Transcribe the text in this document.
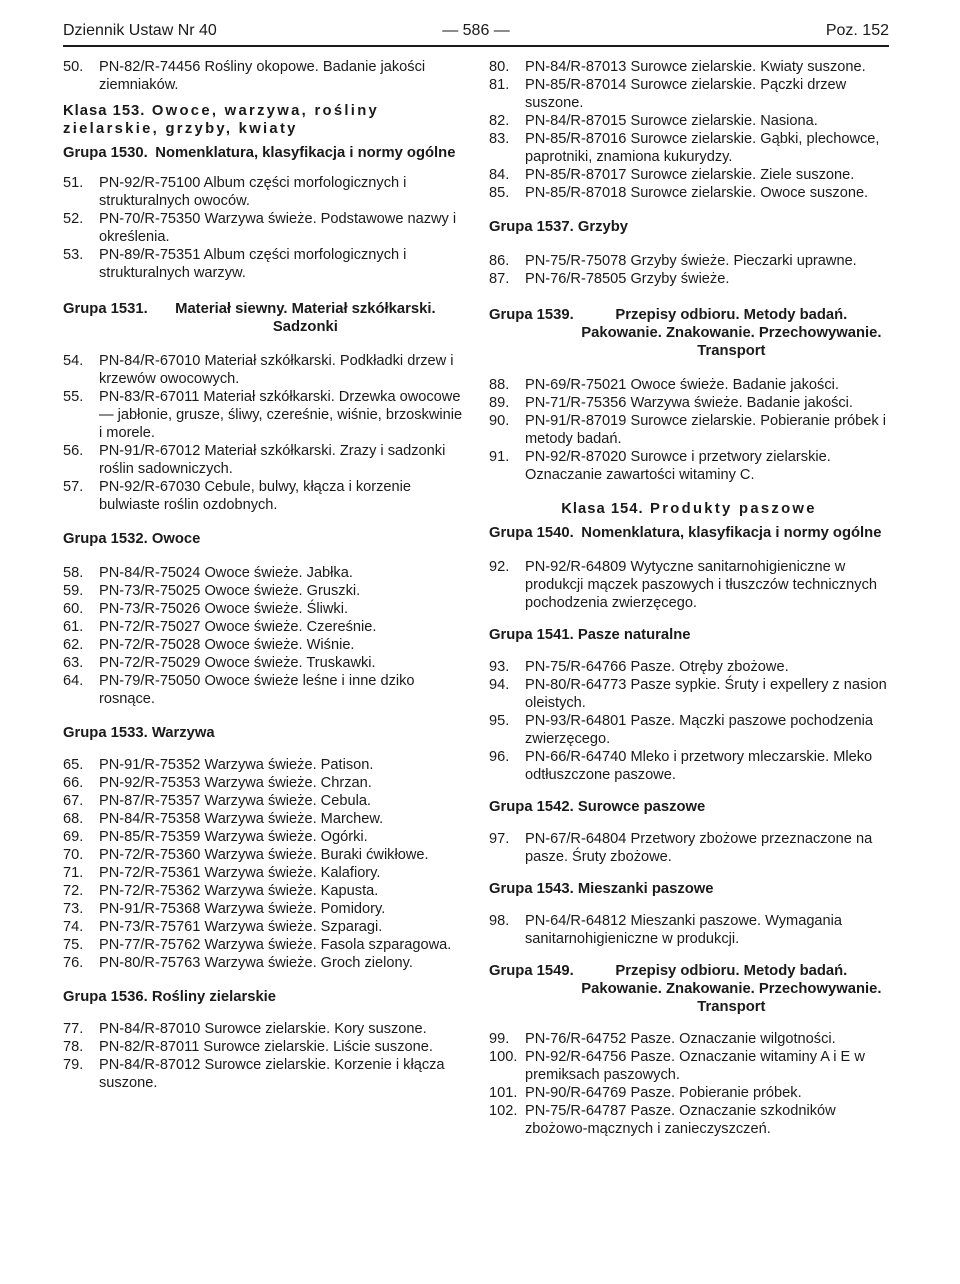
Dziennik Ustaw Nr 40	— 586 —	Poz. 152
50.	PN-82/R-74456 Rośliny okopowe. Badanie jakości ziemniaków.
Klasa 153. Owoce, warzywa, rośliny zielarskie, grzyby, kwiaty
Grupa 1530. Nomenklatura, klasyfikacja i normy ogólne
51.	PN-92/R-75100 Album części morfologicznych i strukturalnych owoców.
52.	PN-70/R-75350 Warzywa świeże. Podstawowe nazwy i określenia.
53.	PN-89/R-75351 Album części morfologicznych i strukturalnych warzyw.
Grupa 1531.	Materiał siewny. Materiał szkółkarski. Sadzonki
54.	PN-84/R-67010 Materiał szkółkarski. Podkładki drzew i krzewów owocowych.
55.	PN-83/R-67011 Materiał szkółkarski. Drzewka owocowe — jabłonie, grusze, śliwy, czereśnie, wiśnie, brzoskwinie i morele.
56.	PN-91/R-67012 Materiał szkółkarski. Zrazy i sadzonki roślin sadowniczych.
57.	PN-92/R-67030 Cebule, bulwy, kłącza i korzenie bulwiaste roślin ozdobnych.
Grupa 1532. Owoce
58.	PN-84/R-75024 Owoce świeże. Jabłka.
59.	PN-73/R-75025 Owoce świeże. Gruszki.
60.	PN-73/R-75026 Owoce świeże. Śliwki.
61.	PN-72/R-75027 Owoce świeże. Czereśnie.
62.	PN-72/R-75028 Owoce świeże. Wiśnie.
63.	PN-72/R-75029 Owoce świeże. Truskawki.
64.	PN-79/R-75050 Owoce świeże leśne i inne dziko rosnące.
Grupa 1533. Warzywa
65.	PN-91/R-75352 Warzywa świeże. Patison.
66.	PN-92/R-75353 Warzywa świeże. Chrzan.
67.	PN-87/R-75357 Warzywa świeże. Cebula.
68.	PN-84/R-75358 Warzywa świeże. Marchew.
69.	PN-85/R-75359 Warzywa świeże. Ogórki.
70.	PN-72/R-75360 Warzywa świeże. Buraki ćwikłowe.
71.	PN-72/R-75361 Warzywa świeże. Kalafiory.
72.	PN-72/R-75362 Warzywa świeże. Kapusta.
73.	PN-91/R-75368 Warzywa świeże. Pomidory.
74.	PN-73/R-75761 Warzywa świeże. Szparagi.
75.	PN-77/R-75762 Warzywa świeże. Fasola szparagowa.
76.	PN-80/R-75763 Warzywa świeże. Groch zielony.
Grupa 1536. Rośliny zielarskie
77.	PN-84/R-87010 Surowce zielarskie. Kory suszone.
78.	PN-82/R-87011 Surowce zielarskie. Liście suszone.
79.	PN-84/R-87012 Surowce zielarskie. Korzenie i kłącza suszone.
80.	PN-84/R-87013 Surowce zielarskie. Kwiaty suszone.
81.	PN-85/R-87014 Surowce zielarskie. Pączki drzew suszone.
82.	PN-84/R-87015 Surowce zielarskie. Nasiona.
83.	PN-85/R-87016 Surowce zielarskie. Gąbki, plechowce, paprotniki, znamiona kukurydzy.
84.	PN-85/R-87017 Surowce zielarskie. Ziele suszone.
85.	PN-85/R-87018 Surowce zielarskie. Owoce suszone.
Grupa 1537. Grzyby
86.	PN-75/R-75078 Grzyby świeże. Pieczarki uprawne.
87.	PN-76/R-78505 Grzyby świeże.
Grupa 1539.	Przepisy odbioru. Metody badań. Pakowanie. Znakowanie. Przechowywanie. Transport
88.	PN-69/R-75021 Owoce świeże. Badanie jakości.
89.	PN-71/R-75356 Warzywa świeże. Badanie jakości.
90.	PN-91/R-87019 Surowce zielarskie. Pobieranie próbek i metody badań.
91.	PN-92/R-87020 Surowce i przetwory zielarskie. Oznaczanie zawartości witaminy C.
Klasa 154. Produkty paszowe
Grupa 1540. Nomenklatura, klasyfikacja i normy ogólne
92.	PN-92/R-64809 Wytyczne sanitarnohigieniczne w produkcji mączek paszowych i tłuszczów technicznych pochodzenia zwierzęcego.
Grupa 1541. Pasze naturalne
93.	PN-75/R-64766 Pasze. Otręby zbożowe.
94.	PN-80/R-64773 Pasze sypkie. Śruty i expellery z nasion oleistych.
95.	PN-93/R-64801 Pasze. Mączki paszowe pochodzenia zwierzęcego.
96.	PN-66/R-64740 Mleko i przetwory mleczarskie. Mleko odtłuszczone paszowe.
Grupa 1542. Surowce paszowe
97.	PN-67/R-64804 Przetwory zbożowe przeznaczone na pasze. Śruty zbożowe.
Grupa 1543. Mieszanki paszowe
98.	PN-64/R-64812 Mieszanki paszowe. Wymagania sanitarnohigieniczne w produkcji.
Grupa 1549.	Przepisy odbioru. Metody badań. Pakowanie. Znakowanie. Przechowywanie. Transport
99.	PN-76/R-64752 Pasze. Oznaczanie wilgotności.
100. PN-92/R-64756 Pasze. Oznaczanie witaminy A i E w premiksach paszowych.
101. PN-90/R-64769 Pasze. Pobieranie próbek.
102. PN-75/R-64787 Pasze. Oznaczanie szkodników zbożowo-mącznych i zanieczyszczeń.
